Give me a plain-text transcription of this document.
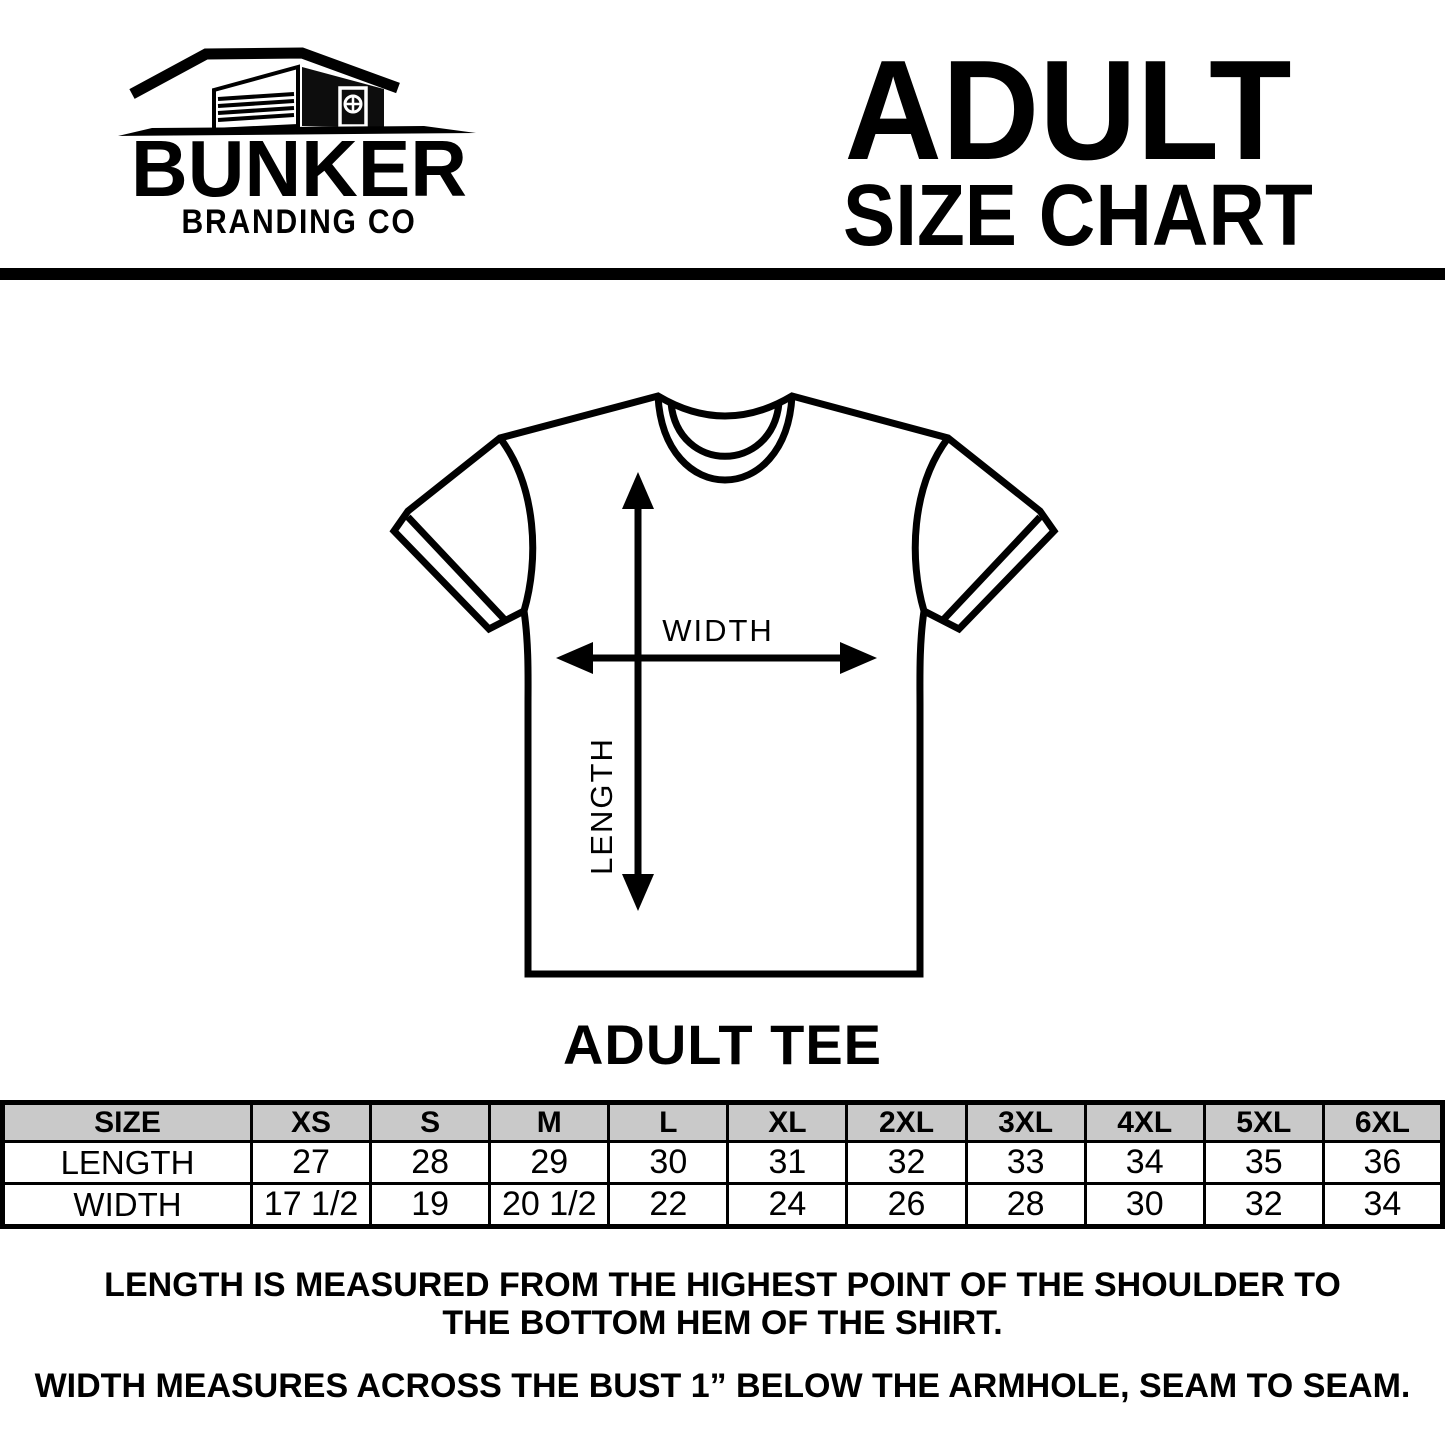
BUNKER
BRANDING CO
ADULT
SIZE CHART
WIDTH
LENGTH
ADULT TEE
SIZE	XS	S	M	L	XL	2XL	3XL	4XL	5XL	6XL
LENGTH	27	28	29	30	31	32	33	34	35	36
WIDTH	17 1/2	19	20 1/2	22	24	26	28	30	32	34
LENGTH IS MEASURED FROM THE HIGHEST POINT OF THE SHOULDER TO
THE BOTTOM HEM OF THE SHIRT.
WIDTH MEASURES ACROSS THE BUST 1” BELOW THE ARMHOLE, SEAM TO SEAM.
